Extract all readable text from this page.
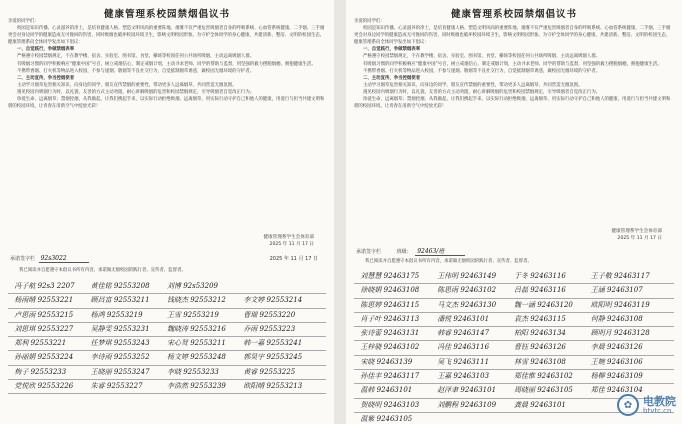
健康管理系校园禁烟倡议书

亲爱的同学们：

校园是知识传播、心灵滋养的净土，是培育健康人格、塑造文明风尚的重要阵地。烟雾不仅严重危害吸烟者自身的呼吸系统、心血管系统健康，二手烟、三手烟更会对身边同学的健康造成无可挽回的伤害，同时吸烟也破坏校园环境卫生，影响文明校园形象。为守护全体同学的身心健康，共建清新、整洁、文明的校园生态，健康管理系向全体同学发出如下倡议：

一、自觉践行，争做禁烟表率

严格遵守校园禁烟规定，不在教学楼、宿舍、实验室、图书馆、食堂、操场等校园任何公共场所吸烟，主动远离吸烟人群。

有吸烟习惯的同学积极响应“健康中国”号召，树立戒烟信心，制定戒烟计划，主动寻求老师、同学的帮助与监督，用坚强的毅力摆脱烟瘾，拥抱健康生活。

不携带香烟、打火机等物品进入校园，不参与递烟、敬烟等不良社交行为，自觉抵制烟草诱惑，做校园无烟环境的守护者。

二、主动宣传，争当控烟使者

主动学习烟草危害相关知识，向身边的同学、朋友宣传禁烟的重要性，带动更多人远离烟草，共同营造无烟氛围。

遇见校园内吸烟行为时，以礼貌、友善的方式主动劝阻，耐心讲解吸烟的危害和校园禁烟规定，引导吸烟者自觉改正行为。

珍爱生命，远离烟草；禁烟控烟，从我做起。让我们携起手来，以实际行动拒绝吸烟、远离烟草，用实际行动守护自己和他人的健康，用爱行与担当共建文明和谐的校园环境，让青春在清新空气中绽放光彩！

健康管理系学生会体育部
2025 年 11 月 17 日
承诺签字栏 92s3022	2025 年 11 月 17 日
我已阅读并自愿遵守本倡议书所有内容，承诺做无烟校园的践行者、宣传者、监督者。
冯子航 92s3 2207 黄佳铭 92553208 刘博 92s53209
杨雨晴 92553221 顾昌富 92553211 钱晓杰 92553212 李文婷 92553214
卢思雨 92553215 杨鸿 92553219	王雪 92553219	曹瑞 92553220
刘思琪 92553227 吴静雯 92553231 魏晓涛 92553216 乔雨 92553223
郑利 92553221	任梦琪 92553243 宋心贤 92553211 韩一嘉 92553241
孙丽娟 92553224 李诗雨 92553252 杨文婷 92553248 郭昊宇 92553245
梅子 92553233	王晓丽 92553247 李晓 92553233	黄睿 92553225
党悦欣 92553226 朱睿 92553227	李浩然 92553239 欧阳晴 92553213
健康管理系校园禁烟倡议书

亲爱的同学们：

校园是知识传播、心灵滋养的净土，是培育健康人格、塑造文明风尚的重要阵地。烟雾不仅严重危害吸烟者自身的呼吸系统、心血管系统健康，二手烟、三手烟更会对身边同学的健康造成无可挽回的伤害，同时吸烟也破坏校园环境卫生，影响文明校园形象。为守护全体同学的身心健康，共建清新、整洁、文明的校园生态，健康管理系向全体同学发出如下倡议：

一、自觉践行，争做禁烟表率

严格遵守校园禁烟规定，不在教学楼、宿舍、实验室、图书馆、食堂、操场等校园任何公共场所吸烟，主动远离吸烟人群。

有吸烟习惯的同学积极响应“健康中国”号召，树立戒烟信心，制定戒烟计划，主动寻求老师、同学的帮助与监督，用坚强的毅力摆脱烟瘾，拥抱健康生活。

不携带香烟、打火机等物品进入校园，不参与递烟、敬烟等不良社交行为，自觉抵制烟草诱惑，做校园无烟环境的守护者。

二、主动宣传，争当控烟使者

主动学习烟草危害相关知识，向身边的同学、朋友宣传禁烟的重要性，带动更多人远离烟草，共同营造无烟氛围。

遇见校园内吸烟行为时，以礼貌、友善的方式主动劝阻，耐心讲解吸烟的危害和校园禁烟规定，引导吸烟者自觉改正行为。

珍爱生命，远离烟草；禁烟控烟，从我做起。让我们携起手来，以实际行动拒绝吸烟、远离烟草，用实际行动守护自己和他人的健康，用爱行与担当共建文明和谐的校园环境，让青春在清新空气中绽放光彩！

健康管理系学生会体育部
2025 年 11 月 17 日
承诺签字栏	班级： 92463/班
我已阅读并自愿遵守本倡议书所有内容，承诺做无烟校园的践行者、宣传者、监督者。
刘慧慧 92463175	王伟明 92463149	于冬 92463116	王子敬 92463117
徐晓娟 92463108	陈思雨 92463102	吕磊 92463116	王涵 92463107
陈思婷 92463115	马文杰 92463130	魏一涵 92463120	欧阳明 92463119
肖子叶 92463113	潘悦 92463101	袁杰 92463115	何静 92463108
张诗蕾 92463131	韩睿 92463147	柏阳 92463134	顾明月 92463128
王梓骁 92463102	冯佳 92463116	曹钰 92463126	李晨 92463126
宋晓 92463139	吴飞 92463111	林雪 92463108	王婉 92463106
孙佳丰 92463117	王嘉 92463103	郑佳惟 92463102	杨柳 92463109
温韩 92463101	赵泽聿 92463101	周晓丽 92463105	郑佳 92463104
贺晓明 92463103	刘鹏程 92463109	龚晨 92463101
温紫 92463105
✿ 电教院
btvtc.cn
